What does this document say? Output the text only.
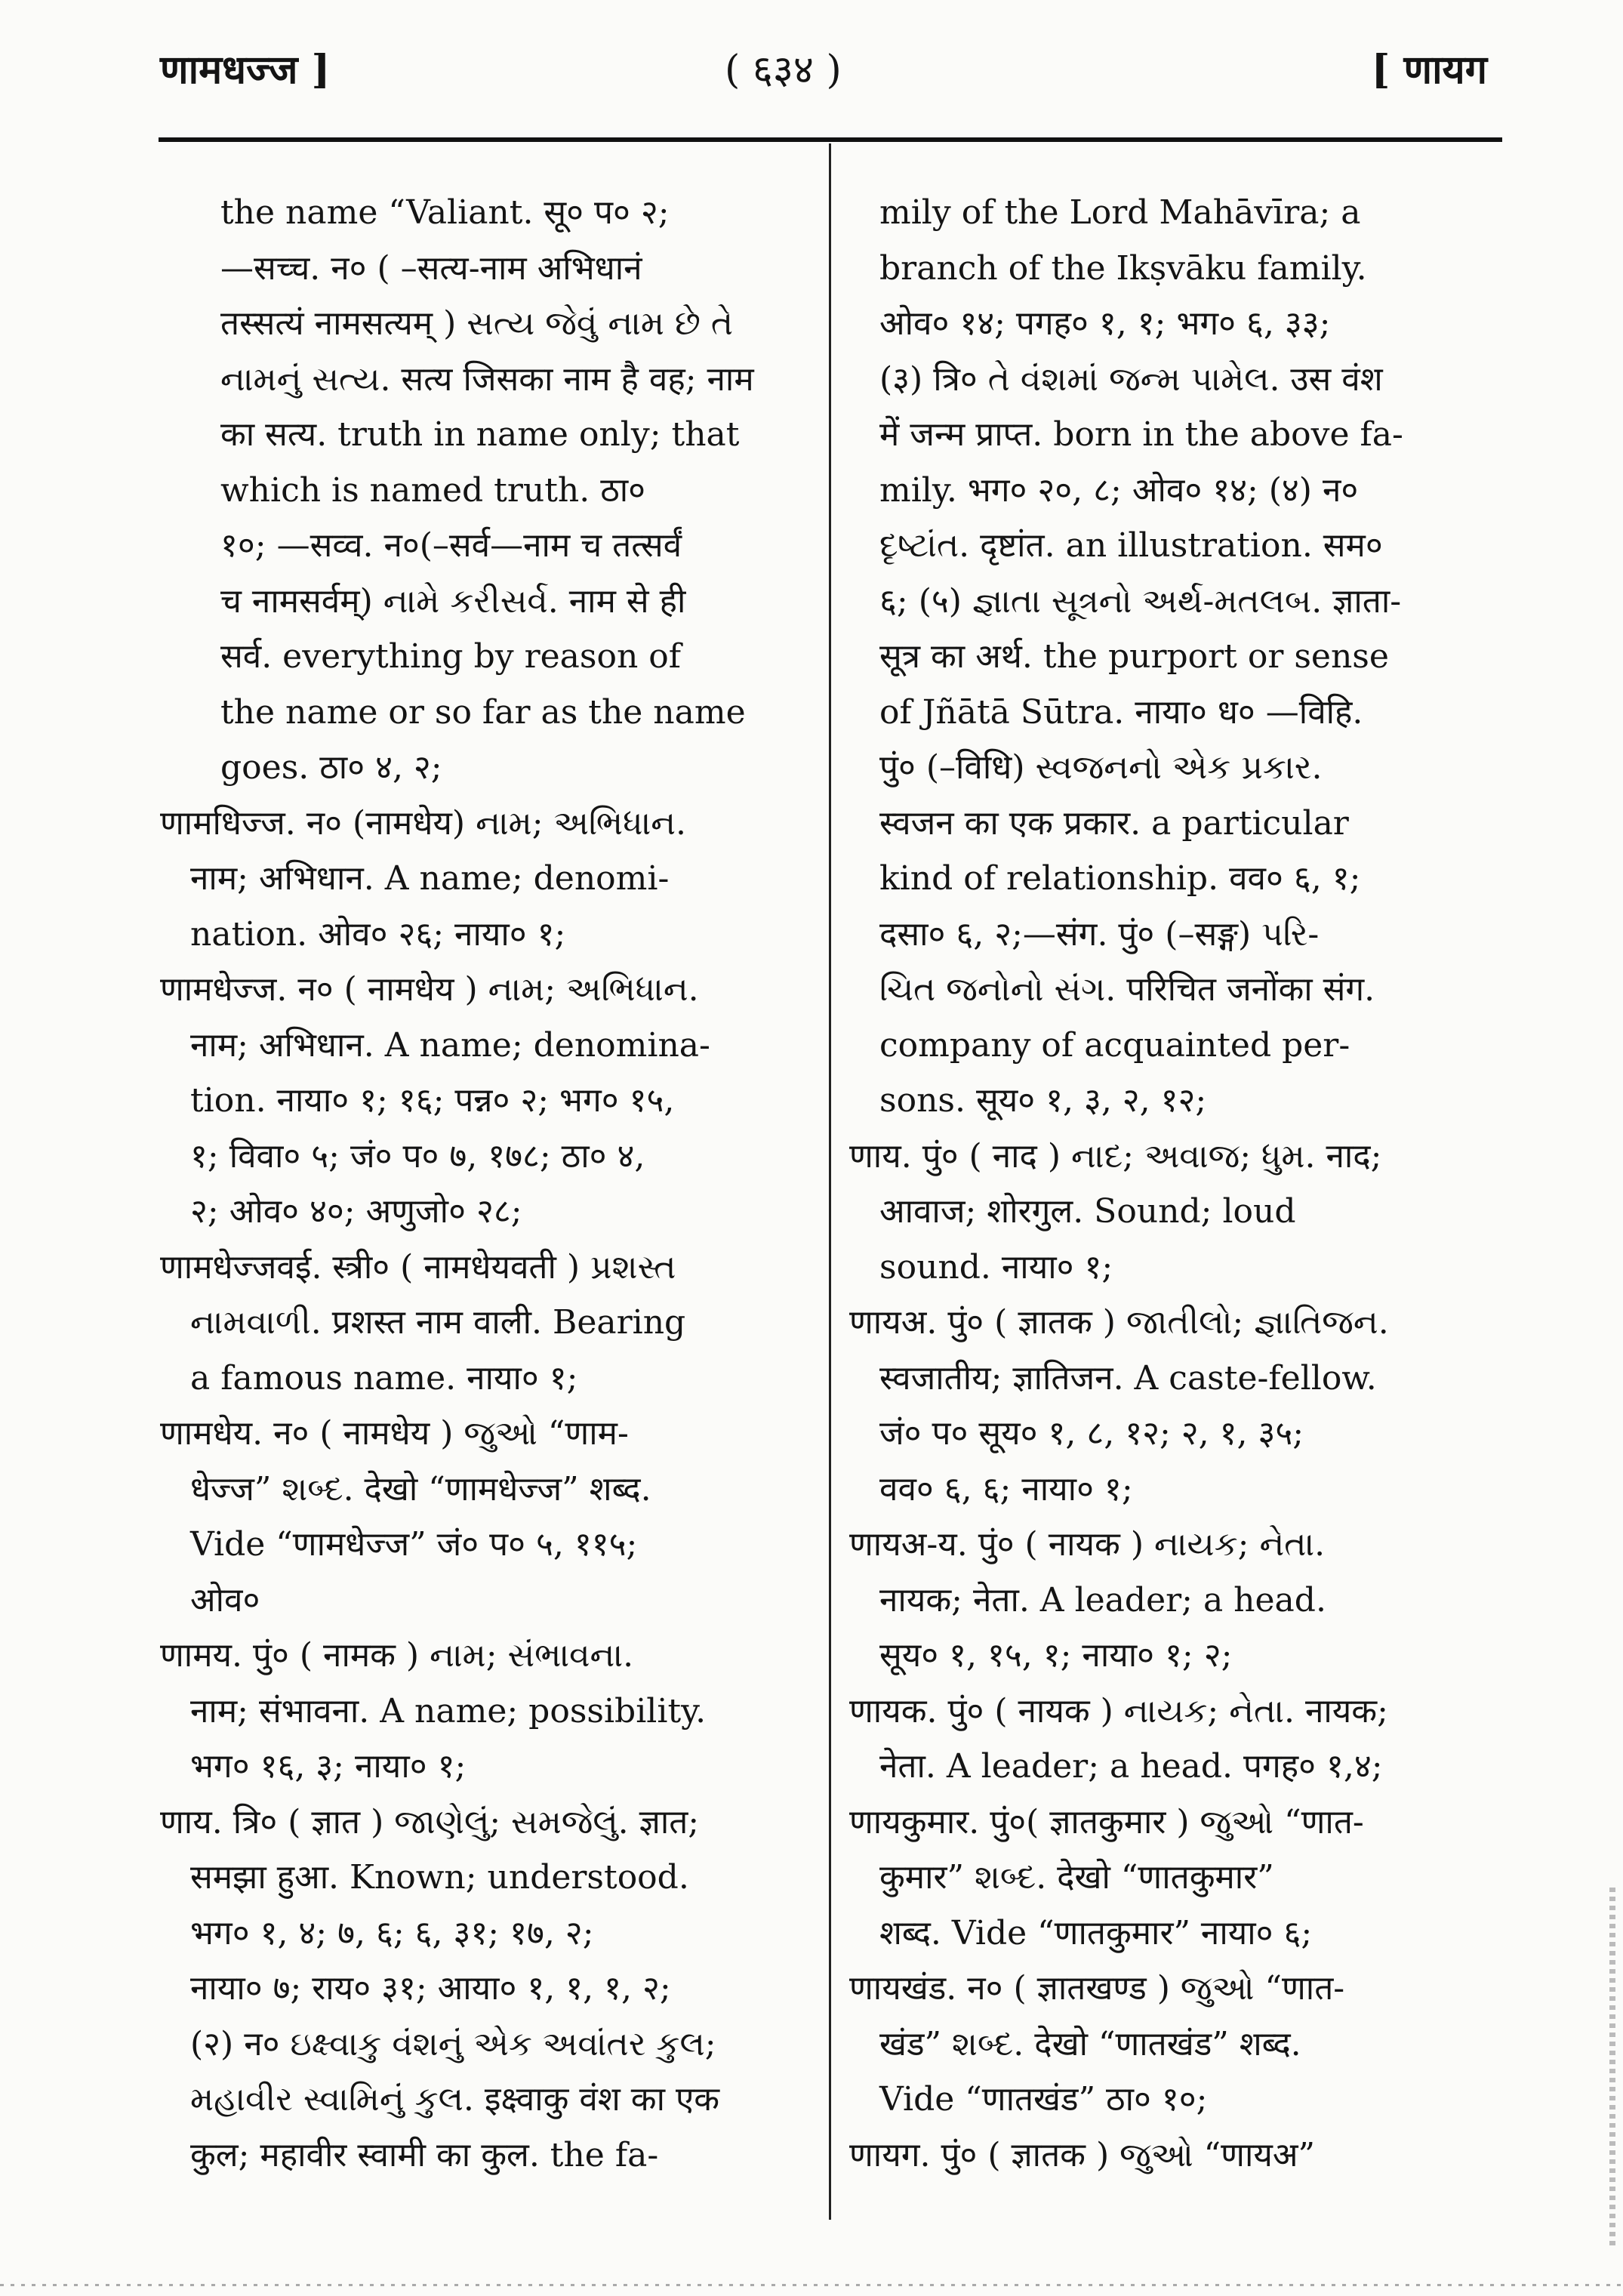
णामधज्ज ]	( ६३४ )	[ णायग
the name “Valiant. सू० प० २;
—सच्च. न० ( –सत्य-नाम अभिधानं
तस्सत्यं नामसत्यम् ) સત્ય જેવું નામ છે તે
નામનું સત્ય. सत्य जिसका नाम है वह; नाम
का सत्य. truth in name only; that
which is named truth. ठा०
१०; —सव्व. न०(–सर्व—नाम च तत्सर्वं
च नामसर्वम्) નામે કરીસર્વ. नाम से ही
सर्व. everything by reason of
the name or so far as the name
goes. ठा० ४, २;
णामधिज्ज. न० (नामधेय) નામ; અભિધાન.
नाम; अभिधान. A name; denomi-
nation. ओव० २६; नाया० १;
णामधेज्ज. न० ( नामधेय ) નામ; અભિધાન.
नाम; अभिधान. A name; denomina-
tion. नाया० १; १६; पन्न० २; भग० १५,
१; विवा० ५; जं० प० ७, १७८; ठा० ४,
२; ओव० ४०; अणुजो० २८;
णामधेज्जवई. स्त्री० ( नामधेयवती ) પ્રશસ્ત
નામવાળી. प्रशस्त नाम वाली. Bearing
a famous name. नाया० १;
णामधेय. न० ( नामधेय ) જુઓ “णाम-
धेज्ज” શબ્દ. देखो “णामधेज्ज” शब्द.
Vide “णामधेज्ज” जं० प० ५, ११५;
ओव०
णामय. पुं० ( नामक ) નામ; સંભાવના.
नाम; संभावना. A name; possibility.
भग० १६, ३; नाया० १;
णाय. त्रि० ( ज्ञात ) જાણેલું; સમજેલું. ज्ञात;
समझा हुआ. Known; understood.
भग० १, ४; ७, ६; ६, ३१; १७, २;
नाया० ७; राय० ३१; आया० १, १, १, २;
(२) न० ઇક્ષ્વાકુ વંશનું એક અવાંતર કુલ;
મહાવીર સ્વામિનું કુલ. इक्ष्वाकु वंश का एक
कुल; महावीर स्वामी का कुल. the fa-
mily of the Lord Mahāvīra; a
branch of the Ikṣvāku family.
ओव० १४; पगह० १, १; भग० ६, ३३;
(३) त्रि० તે વંશમાં જન્મ પામેલ. उस वंश
में जन्म प्राप्त. born in the above fa-
mily. भग० २०, ८; ओव० १४; (४) न०
દૃષ્ટાંત. दृष्टांत. an illustration. सम०
६; (५) જ્ઞાતા સૂત્રનો અર્થ-મતલબ. ज्ञाता-
सूत्र का अर्थ. the purport or sense
of Jñātā Sūtra. नाया० ध० —विहि.
पुं० (–विधि) સ્વજનનો એક પ્રકાર.
स्वजन का एक प्रकार. a particular
kind of relationship. वव० ६, १;
दसा० ६, २;—संग. पुं० (–सङ्ग) પરિ-
ચિત જનોનો સંગ. परिचित जनोंका संग.
company of acquainted per-
sons. सूय० १, ३, २, १२;
णाय. पुं० ( नाद ) નાદ; અવાજ; ધુમ. नाद;
आवाज; शोरगुल. Sound; loud
sound. नाया० १;
णायअ. पुं० ( ज्ञातक ) જાતીલો; જ્ઞાતિજન.
स्वजातीय; ज्ञातिजन. A caste-fellow.
जं० प० सूय० १, ८, १२; २, १, ३५;
वव० ६, ६; नाया० १;
णायअ-य. पुं० ( नायक ) નાયક; નેતા.
नायक; नेता. A leader; a head.
सूय० १, १५, १; नाया० १; २;
णायक. पुं० ( नायक ) નાયક; નેતા. नायक;
नेता. A leader; a head. पगह० १,४;
णायकुमार. पुं०( ज्ञातकुमार ) જુઓ “णात-
कुमार” શબ્દ. देखो “णातकुमार”
शब्द. Vide “णातकुमार” नाया० ६;
णायखंड. न० ( ज्ञातखण्ड ) જુઓ “णात-
खंड” શબ્દ. देखो “णातखंड” शब्द.
Vide “णातखंड” ठा० १०;
णायग. पुं० ( ज्ञातक ) જુઓ “णायअ”
